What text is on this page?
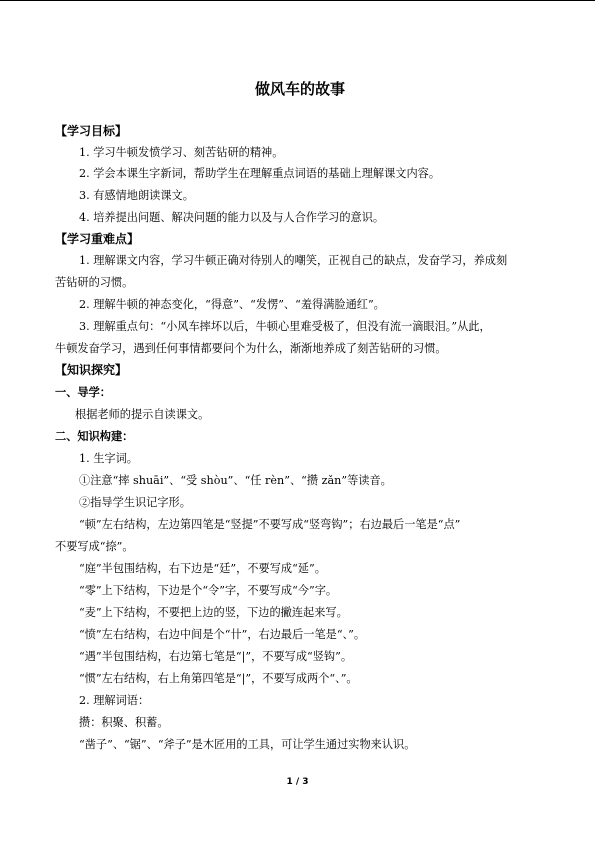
做风车的故事
【学习目标】
1. 学习牛顿发愤学习、刻苦钻研的精神。
2. 学会本课生字新词，帮助学生在理解重点词语的基础上理解课文内容。
3. 有感情地朗读课文。
4. 培养提出问题、解决问题的能力以及与人合作学习的意识。
【学习重难点】
1. 理解课文内容，学习牛顿正确对待别人的嘲笑，正视自己的缺点，发奋学习，养成刻
苦钻研的习惯。
2. 理解牛顿的神态变化，“得意”、“发愣”、“羞得满脸通红”。
3. 理解重点句：“小风车摔坏以后，牛顿心里难受极了，但没有流一滴眼泪。”从此，
牛顿发奋学习，遇到任何事情都要问个为什么，渐渐地养成了刻苦钻研的习惯。
【知识探究】
一、导学：
根据老师的提示自读课文。
二、知识构建：
1. 生字词。
①注意“摔 shuāi”、“受 shòu”、“任 rèn”、“攒 zǎn”等读音。
②指导学生识记字形。
“顿”左右结构，左边第四笔是“竖提”不要写成“竖弯钩”；右边最后一笔是“点”
不要写成“捺”。
“庭”半包围结构，右下边是“廷”，不要写成“延”。
“零”上下结构，下边是个“令”字，不要写成“今”字。
“麦”上下结构，不要把上边的竖，下边的撇连起来写。
“愤”左右结构，右边中间是个“卄”，右边最后一笔是“、”。
“遇”半包围结构，右边第七笔是“|”，不要写成“竖钩”。
“惯”左右结构，右上角第四笔是“|”，不要写成两个“、”。
2. 理解词语：
攒：积聚、积蓄。
“凿子”、“锯”、“斧子”是木匠用的工具，可让学生通过实物来认识。
1 / 3
